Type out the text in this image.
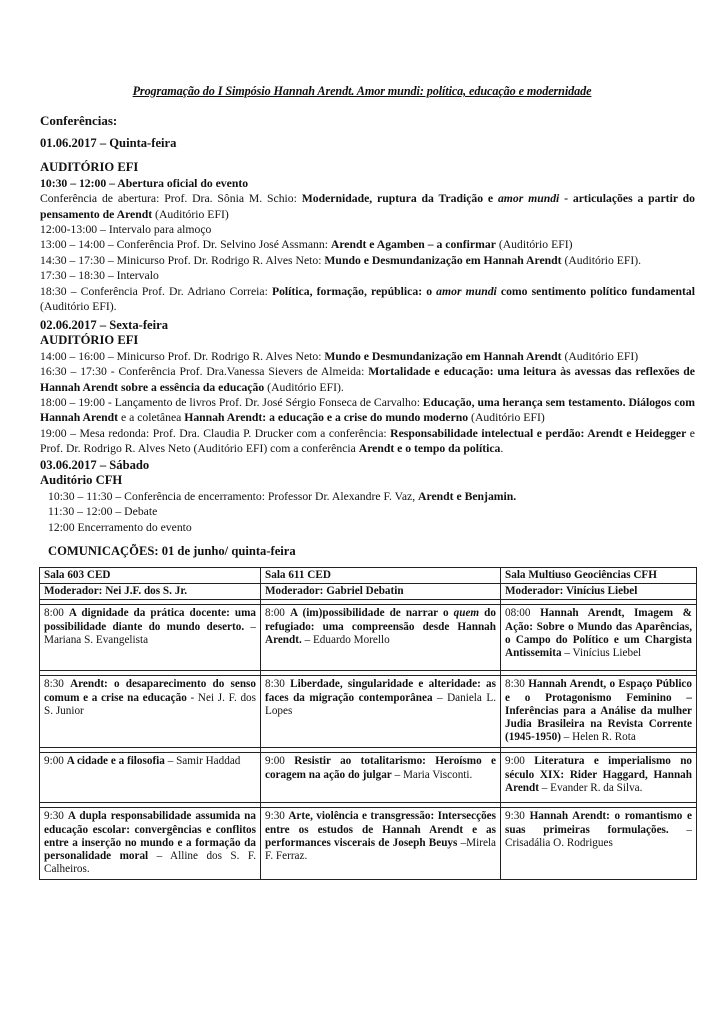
Programação do I Simpósio Hannah Arendt. Amor mundi: política, educação e modernidade
Conferências:

01.06.2017 – Quinta-feira

AUDITÓRIO EFI

10:30 – 12:00 – Abertura oficial do evento

Conferência de abertura: Prof. Dra. Sônia M. Schio: Modernidade, ruptura da Tradição e amor mundi - articulações a partir do pensamento de Arendt (Auditório EFI)

12:00-13:00 – Intervalo para almoço

13:00 – 14:00 – Conferência Prof. Dr. Selvino José Assmann: Arendt e Agamben – a confirmar (Auditório EFI)

14:30 – 17:30 – Minicurso Prof. Dr. Rodrigo R. Alves Neto: Mundo e Desmundanização em Hannah Arendt (Auditório EFI).

17:30 – 18:30 – Intervalo

18:30 – Conferência Prof. Dr. Adriano Correia: Política, formação, república: o amor mundi como sentimento político fundamental (Auditório EFI).

02.06.2017 – Sexta-feira

AUDITÓRIO EFI

14:00 – 16:00 – Minicurso Prof. Dr. Rodrigo R. Alves Neto: Mundo e Desmundanização em Hannah Arendt (Auditório EFI)

16:30 – 17:30 - Conferência Prof. Dra.Vanessa Sievers de Almeida: Mortalidade e educação: uma leitura às avessas das reflexões de Hannah Arendt sobre a essência da educação (Auditório EFI).

18:00 – 19:00 - Lançamento de livros Prof. Dr. José Sérgio Fonseca de Carvalho: Educação, uma herança sem testamento. Diálogos com Hannah Arendt e a coletânea Hannah Arendt: a educação e a crise do mundo moderno (Auditório EFI)

19:00 – Mesa redonda: Prof. Dra. Claudia P. Drucker com a conferência: Responsabilidade intelectual e perdão: Arendt e Heidegger e Prof. Dr. Rodrigo R. Alves Neto (Auditório EFI) com a conferência Arendt e o tempo da política.

03.06.2017 – Sábado

Auditório CFH

10:30 – 11:30 – Conferência de encerramento: Professor Dr. Alexandre F. Vaz, Arendt e Benjamin.

11:30 – 12:00 – Debate

12:00 Encerramento do evento

COMUNICAÇÕES: 01 de junho/ quinta-feira
Sala 603 CED	Sala 611 CED	Sala Multiuso Geociências CFH
Moderador: Nei J.F. dos S. Jr.	Moderador: Gabriel Debatin	Moderador: Vinícius Liebel

8:00 A dignidade da prática docente: uma possibilidade diante do mundo deserto. – Mariana S. Evangelista	8:00 A (im)possibilidade de narrar o quem do refugiado: uma compreensão desde Hannah Arendt. – Eduardo Morello	08:00 Hannah Arendt, Imagem & Ação: Sobre o Mundo das Aparências, o Campo do Político e um Chargista Antissemita – Vinícius Liebel

8:30 Arendt: o desaparecimento do senso comum e a crise na educação - Nei J. F. dos S. Junior	8:30 Liberdade, singularidade e alteridade: as faces da migração contemporânea – Daniela L. Lopes	8:30 Hannah Arendt, o Espaço Público e o Protagonismo Feminino – Inferências para a Análise da mulher Judia Brasileira na Revista Corrente (1945-1950) – Helen R. Rota

9:00 A cidade e a filosofia – Samir Haddad	9:00 Resistir ao totalitarismo: Heroísmo e coragem na ação do julgar – Maria Visconti.	9:00 Literatura e imperialismo no século XIX: Rider Haggard, Hannah Arendt – Evander R. da Silva.

9:30 A dupla responsabilidade assumida na educação escolar: convergências e conflitos entre a inserção no mundo e a formação da personalidade moral – Alline dos S. F. Calheiros.	9:30 Arte, violência e transgressão: Intersecções entre os estudos de Hannah Arendt e as performances viscerais de Joseph Beuys –Mirela F. Ferraz.	9:30 Hannah Arendt: o romantismo e suas primeiras formulações. – Crisadália O. Rodrigues
